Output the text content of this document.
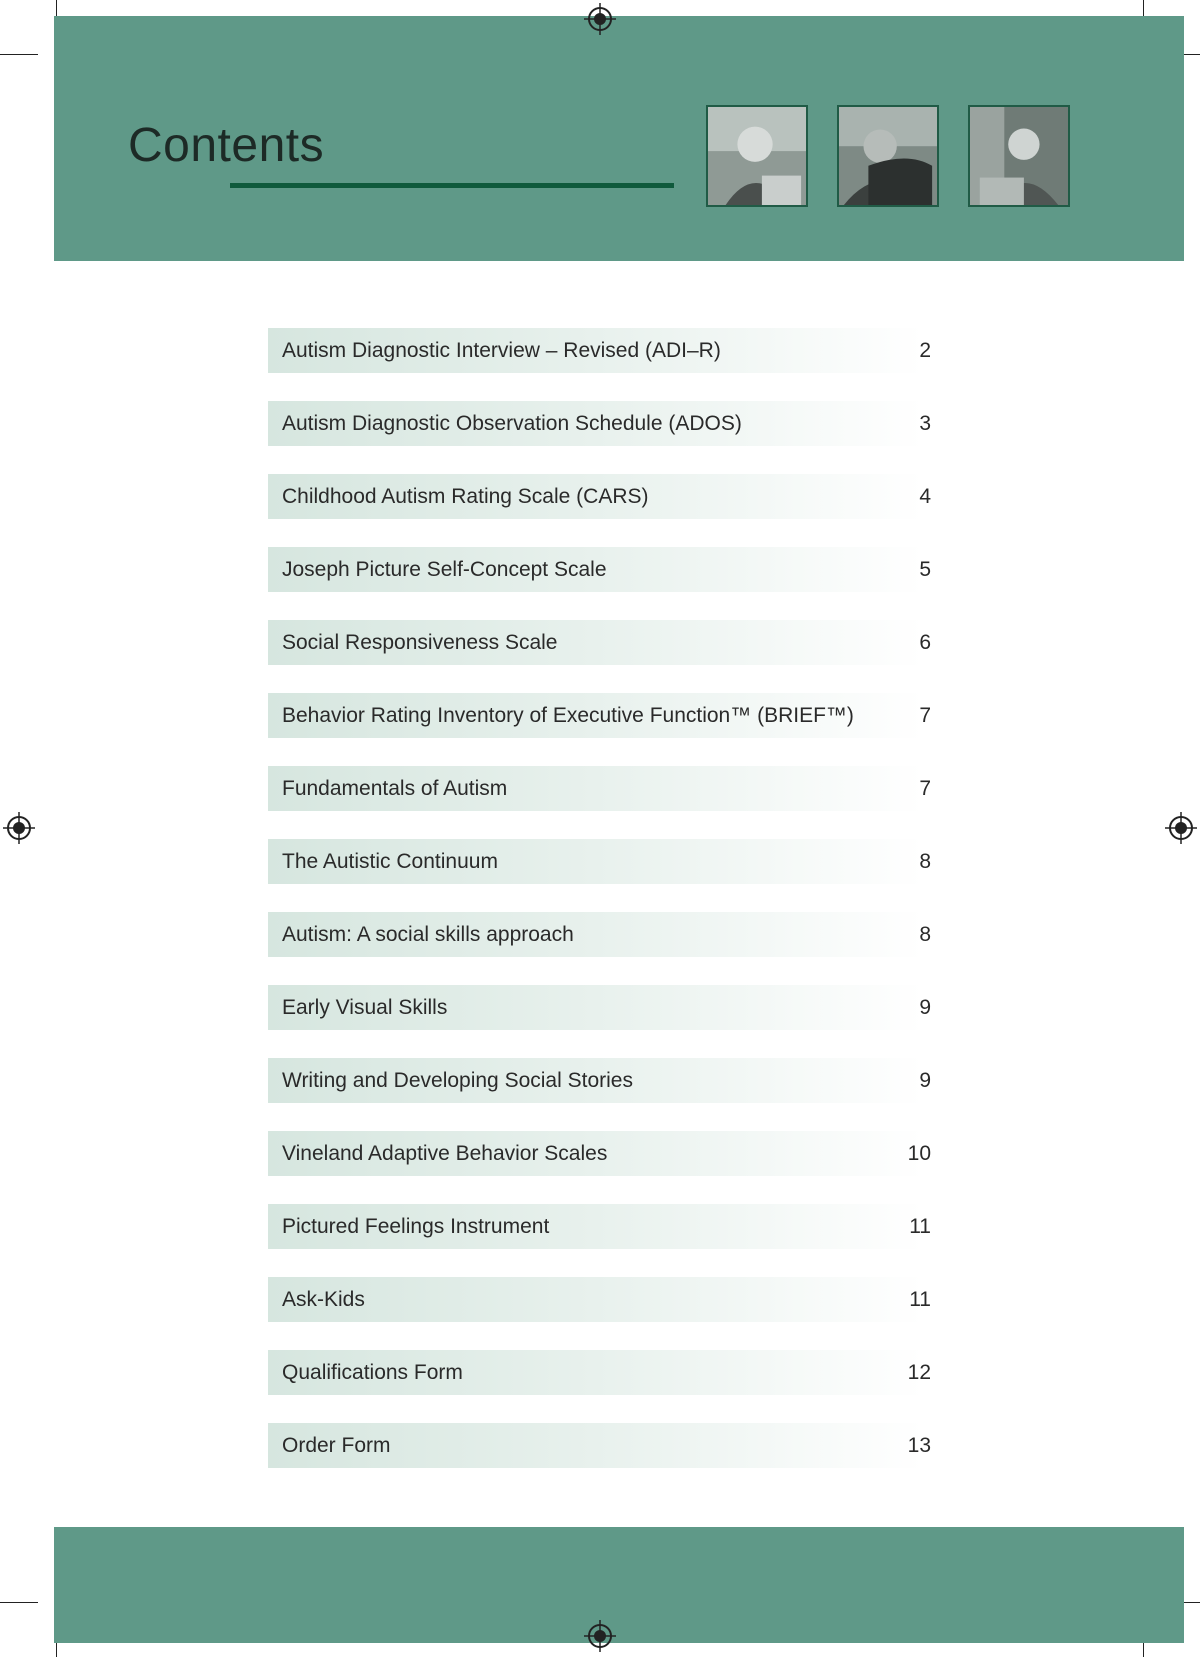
Contents
Autism Diagnostic Interview – Revised (ADI–R)	2
Autism Diagnostic Observation Schedule (ADOS)	3
Childhood Autism Rating Scale (CARS)	4
Joseph Picture Self-Concept Scale	5
Social Responsiveness Scale	6
Behavior Rating Inventory of Executive Function™ (BRIEF™)	7
Fundamentals of Autism	7
The Autistic Continuum	8
Autism: A social skills approach	8
Early Visual Skills	9
Writing and Developing Social Stories	9
Vineland Adaptive Behavior Scales	10
Pictured Feelings Instrument	11
Ask-Kids	11
Qualifications Form	12
Order Form	13
